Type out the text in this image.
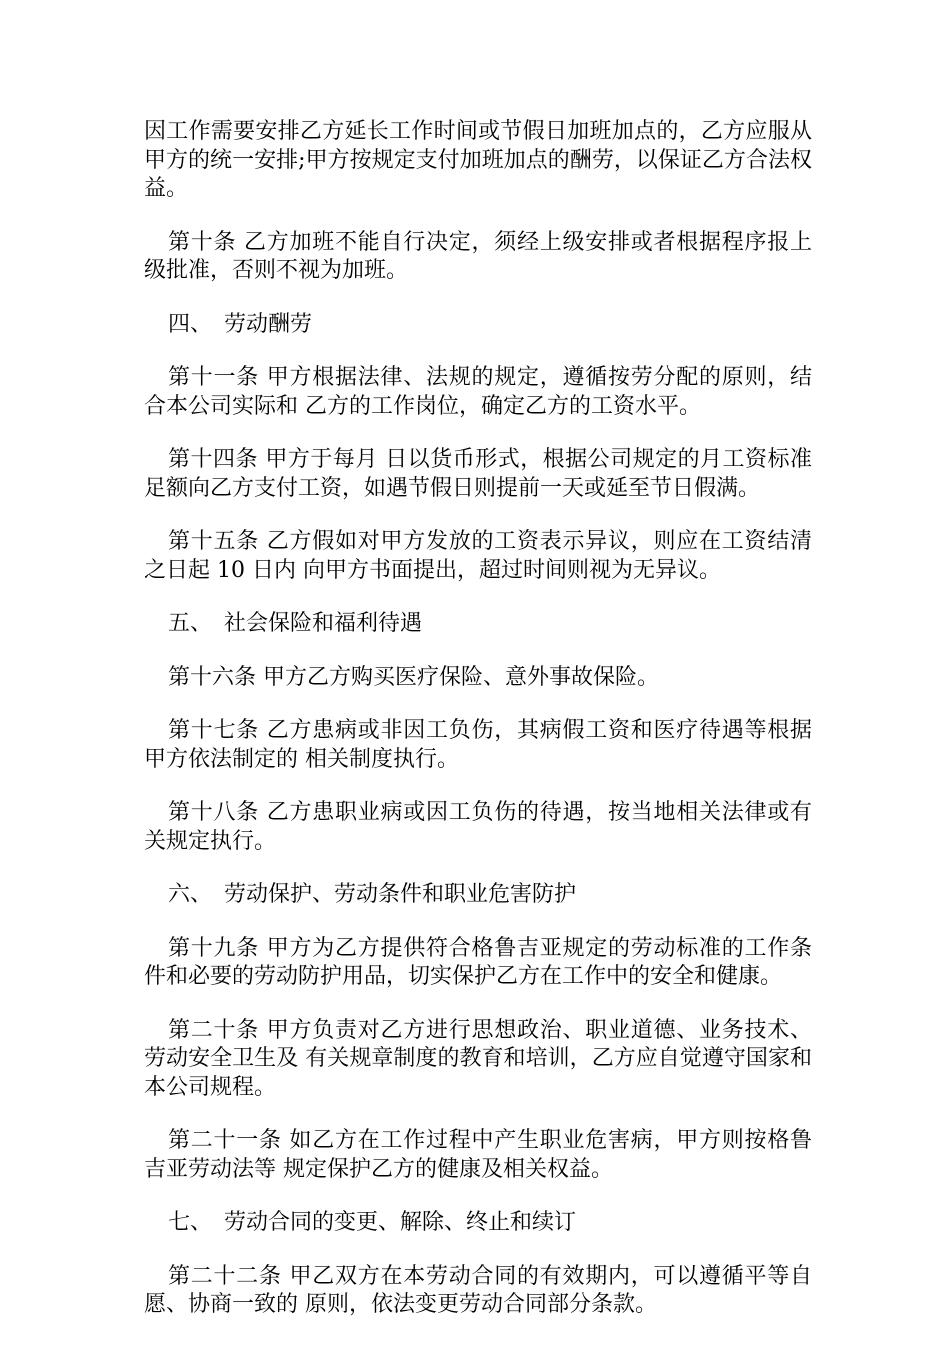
因工作需要安排乙方延长工作时间或节假日加班加点的，乙方应服从甲方的统一安排;甲方按规定支付加班加点的酬劳，以保证乙方合法权益。

第十条 乙方加班不能自行决定，须经上级安排或者根据程序报上级批准，否则不视为加班。

四、 劳动酬劳

第十一条 甲方根据法律、法规的规定，遵循按劳分配的原则，结合本公司实际和 乙方的工作岗位，确定乙方的工资水平。

第十四条 甲方于每月 日以货币形式，根据公司规定的月工资标准足额向乙方支付工资，如遇节假日则提前一天或延至节日假满。

第十五条 乙方假如对甲方发放的工资表示异议，则应在工资结清之日起 10 日内 向甲方书面提出，超过时间则视为无异议。

五、 社会保险和福利待遇

第十六条 甲方乙方购买医疗保险、意外事故保险。

第十七条 乙方患病或非因工负伤，其病假工资和医疗待遇等根据甲方依法制定的 相关制度执行。

第十八条 乙方患职业病或因工负伤的待遇，按当地相关法律或有关规定执行。

六、 劳动保护、劳动条件和职业危害防护

第十九条 甲方为乙方提供符合格鲁吉亚规定的劳动标准的工作条件和必要的劳动防护用品，切实保护乙方在工作中的安全和健康。

第二十条 甲方负责对乙方进行思想政治、职业道德、业务技术、劳动安全卫生及 有关规章制度的教育和培训，乙方应自觉遵守国家和本公司规程。

第二十一条 如乙方在工作过程中产生职业危害病，甲方则按格鲁吉亚劳动法等 规定保护乙方的健康及相关权益。

七、 劳动合同的变更、解除、终止和续订

第二十二条 甲乙双方在本劳动合同的有效期内，可以遵循平等自愿、协商一致的 原则，依法变更劳动合同部分条款。
